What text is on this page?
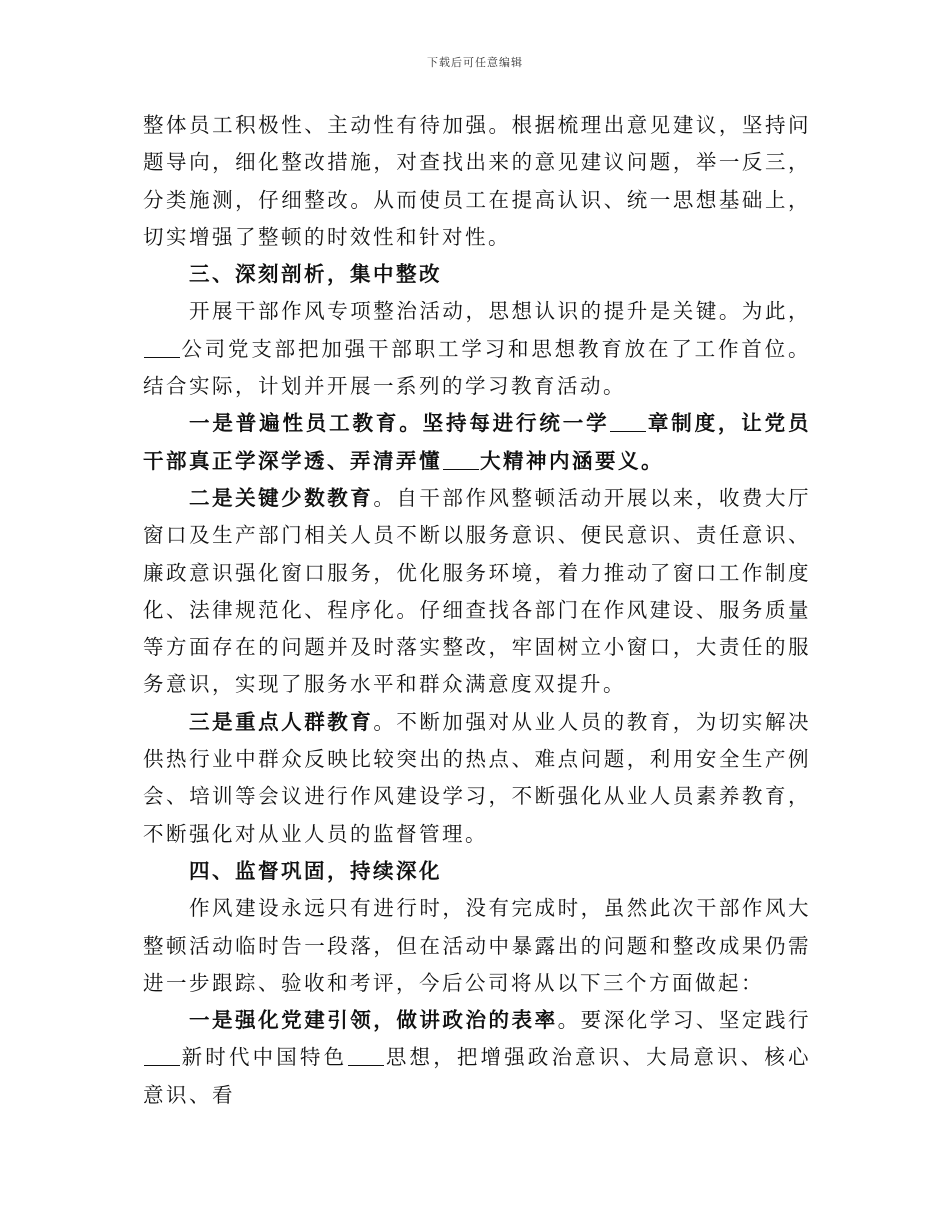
下载后可任意编辑

整体员工积极性、主动性有待加强。根据梳理出意见建议，坚持问题导向，细化整改措施，对查找出来的意见建议问题，举一反三，分类施测，仔细整改。从而使员工在提高认识、统一思想基础上，切实增强了整顿的时效性和针对性。

三、深刻剖析，集中整改

开展干部作风专项整治活动，思想认识的提升是关键。为此，公司党支部把加强干部职工学习和思想教育放在了工作首位。结合实际，计划并开展一系列的学习教育活动。

一是普遍性员工教育。坚持每进行统一学 章制度，让党员干部真正学深学透、弄清弄懂 大精神内涵要义。

二是关键少数教育。自干部作风整顿活动开展以来，收费大厅窗口及生产部门相关人员不断以服务意识、便民意识、责任意识、廉政意识强化窗口服务，优化服务环境，着力推动了窗口工作制度化、法律规范化、程序化。仔细查找各部门在作风建设、服务质量等方面存在的问题并及时落实整改，牢固树立小窗口，大责任的服务意识，实现了服务水平和群众满意度双提升。

三是重点人群教育。不断加强对从业人员的教育，为切实解决供热行业中群众反映比较突出的热点、难点问题，利用安全生产例会、培训等会议进行作风建设学习，不断强化从业人员素养教育，不断强化对从业人员的监督管理。

四、监督巩固，持续深化

作风建设永远只有进行时，没有完成时，虽然此次干部作风大整顿活动临时告一段落，但在活动中暴露出的问题和整改成果仍需进一步跟踪、验收和考评，今后公司将从以下三个方面做起：

一是强化党建引领，做讲政治的表率。要深化学习、坚定践行新时代中国特色 思想，把增强政治意识、大局意识、核心意识、看
